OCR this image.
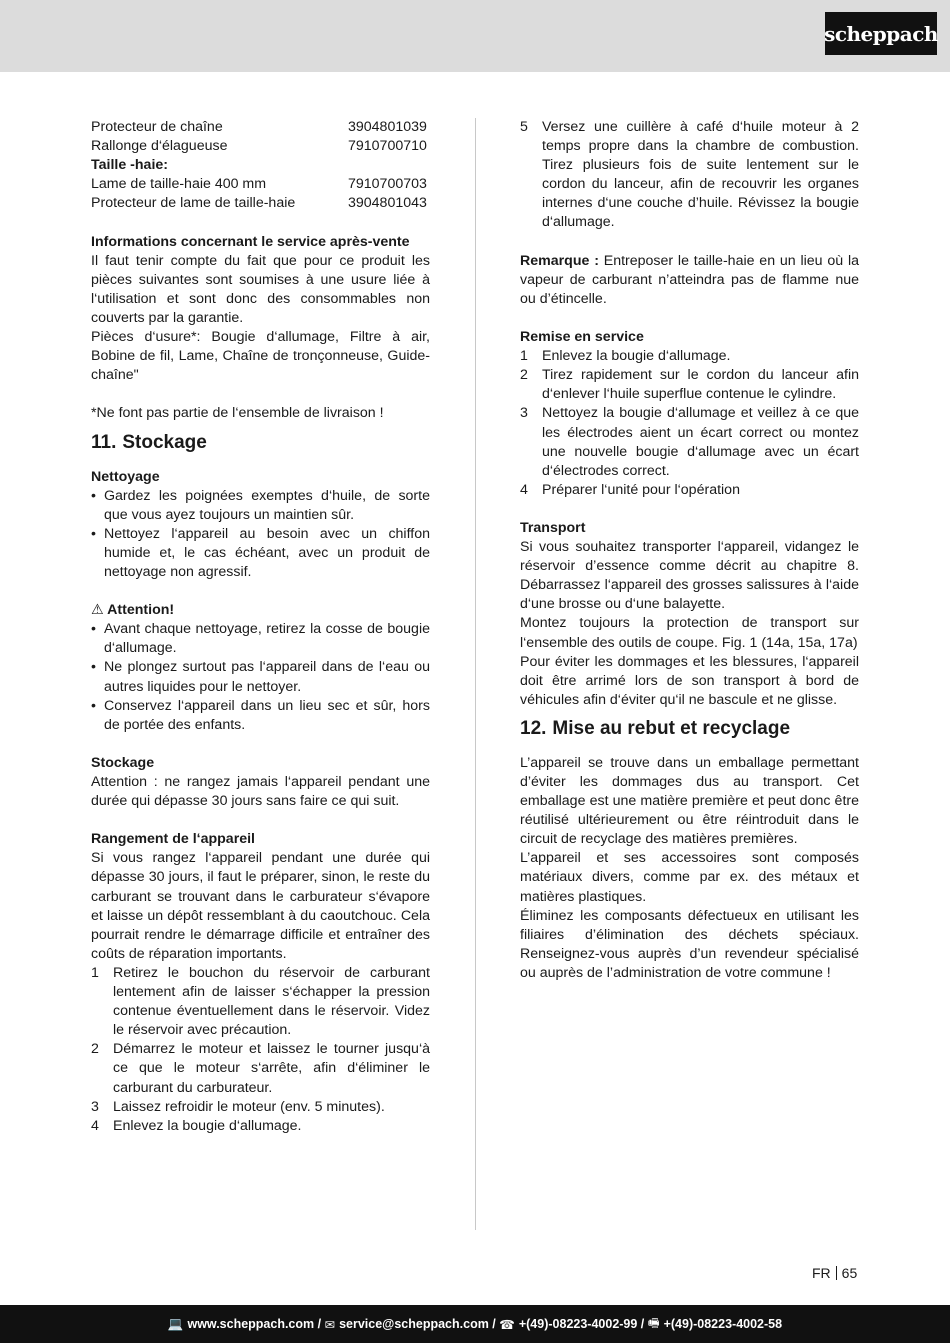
scheppach
Protecteur de chaîne	3904801039
Rallonge d‘élagueuse	7910700710

Taille -haie:

Lame de taille-haie 400 mm	7910700703
Protecteur de lame de taille-haie	3904801043

Informations concernant le service après-vente

Il faut tenir compte du fait que pour ce produit les pièces suivantes sont soumises à une usure liée à l‘utilisation et sont donc des consommables non couverts par la garantie.

Pièces d‘usure*: Bougie d‘allumage, Filtre à air, Bobine de fil, Lame, Chaîne de tronçonneuse, Guide-chaîne"

*Ne font pas partie de l‘ensemble de livraison !

11. Stockage

Nettoyage

• Gardez les poignées exemptes d‘huile, de sorte que vous ayez toujours un maintien sûr.
• Nettoyez l‘appareil au besoin avec un chiffon humide et, le cas échéant, avec un produit de nettoyage non agressif.

⚠ Attention!

• Avant chaque nettoyage, retirez la cosse de bougie d‘allumage.
• Ne plongez surtout pas l‘appareil dans de l‘eau ou autres liquides pour le nettoyer.
• Conservez l‘appareil dans un lieu sec et sûr, hors de portée des enfants.

Stockage

Attention : ne rangez jamais l‘appareil pendant une durée qui dépasse 30 jours sans faire ce qui suit.

Rangement de l‘appareil

Si vous rangez l‘appareil pendant une durée qui dépasse 30 jours, il faut le préparer, sinon, le reste du carburant se trouvant dans le carburateur s‘évapore et laisse un dépôt ressemblant à du caoutchouc. Cela pourrait rendre le démarrage difficile et entraîner des coûts de réparation importants.

1 Retirez le bouchon du réservoir de carburant lentement afin de laisser s‘échapper la pression contenue éventuellement dans le réservoir. Videz le réservoir avec précaution.
2 Démarrez le moteur et laissez le tourner jusqu‘à ce que le moteur s‘arrête, afin d‘éliminer le carburant du carburateur.
3 Laissez refroidir le moteur (env. 5 minutes).
4 Enlevez la bougie d‘allumage.
5 Versez une cuillère à café d‘huile moteur à 2 temps propre dans la chambre de combustion. Tirez plusieurs fois de suite lentement sur le cordon du lanceur, afin de recouvrir les organes internes d‘une couche d’huile. Révissez la bougie d‘allumage.

Remarque : Entreposer le taille-haie en un lieu où la vapeur de carburant n’atteindra pas de flamme nue ou d’étincelle.

Remise en service

1 Enlevez la bougie d‘allumage.
2 Tirez rapidement sur le cordon du lanceur afin d‘enlever l‘huile superflue contenue le cylindre.
3 Nettoyez la bougie d‘allumage et veillez à ce que les électrodes aient un écart correct ou montez une nouvelle bougie d‘allumage avec un écart d‘électrodes correct.
4 Préparer l‘unité pour l‘opération

Transport

Si vous souhaitez transporter l‘appareil, vidangez le réservoir d’essence comme décrit au chapitre 8. Débarrassez l‘appareil des grosses salissures à l‘aide d‘une brosse ou d‘une balayette.

Montez toujours la protection de transport sur l‘ensemble des outils de coupe. Fig. 1 (14a, 15a, 17a)

Pour éviter les dommages et les blessures, l‘appareil doit être arrimé lors de son transport à bord de véhicules afin d‘éviter qu‘il ne bascule et ne glisse.

12. Mise au rebut et recyclage

L’appareil se trouve dans un emballage permettant d’éviter les dommages dus au transport. Cet emballage est une matière première et peut donc être réutilisé ultérieurement ou être réintroduit dans le circuit de recyclage des matières premières.

L’appareil et ses accessoires sont composés matériaux divers, comme par ex. des métaux et matières plastiques.

Éliminez les composants défectueux en utilisant les filiaires d’élimination des déchets spéciaux. Renseignez-vous auprès d’un revendeur spécialisé ou auprès de l’administration de votre commune !

FR 65
💻 www.scheppach.com /
✉ service@scheppach.com /
☎ +(49)-08223-4002-99 /
🖷 +(49)-08223-4002-58
